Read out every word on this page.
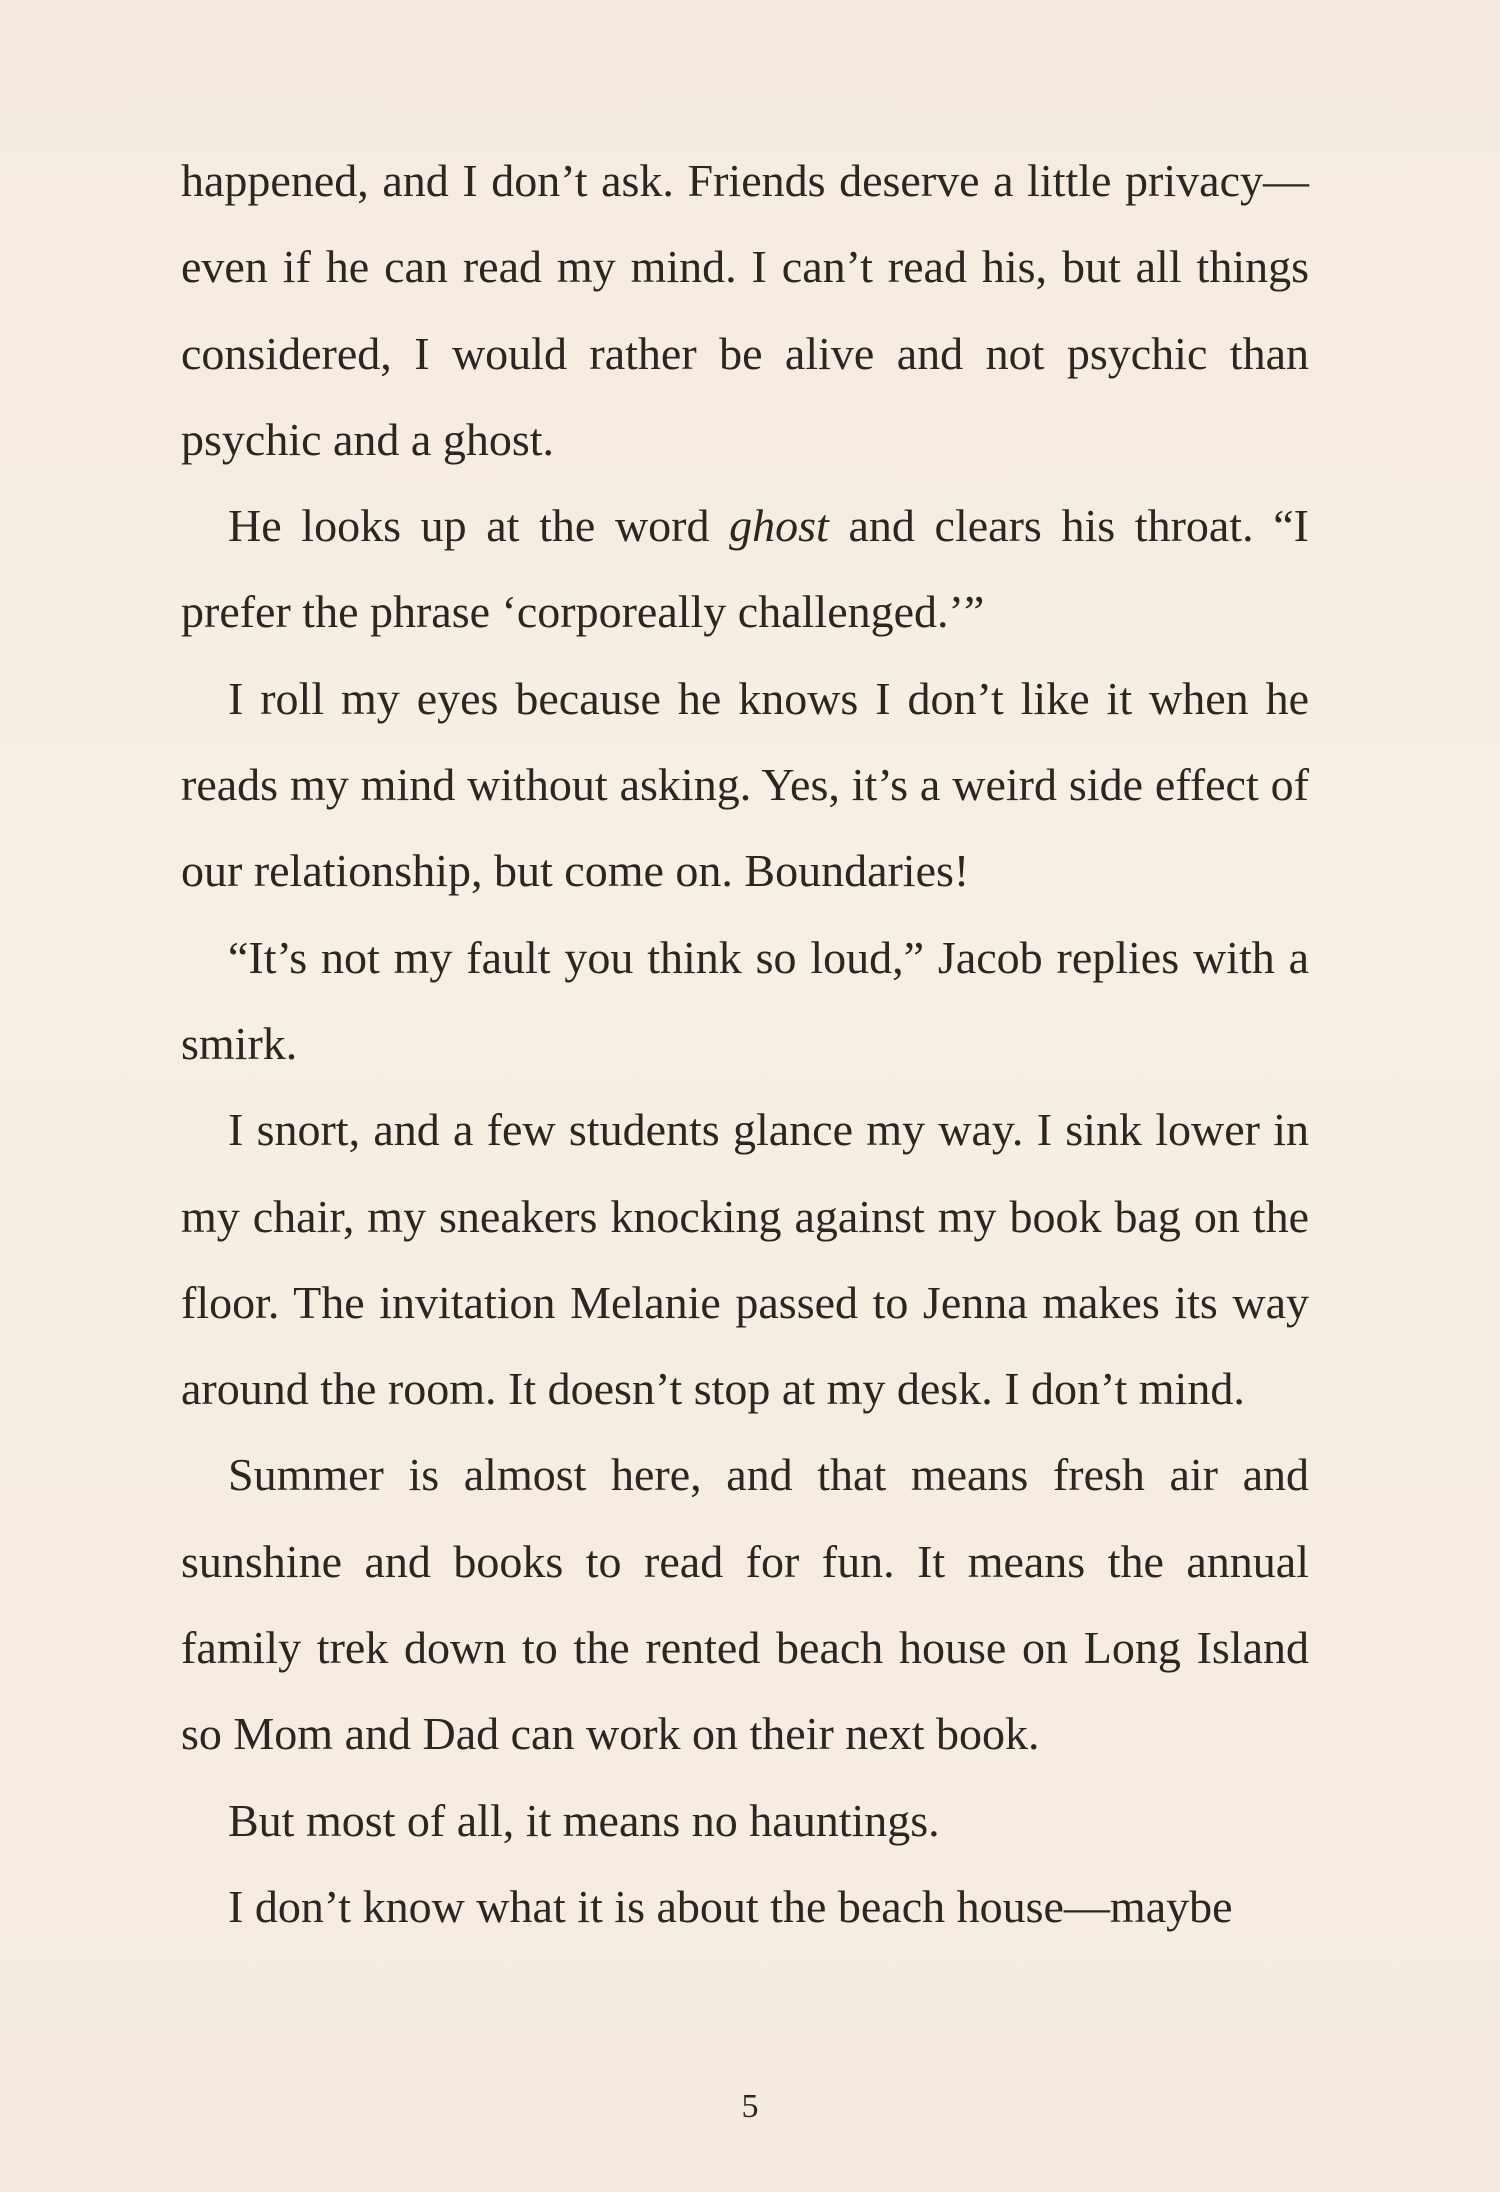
happened, and I don’t ask. Friends deserve a little privacy—even if he can read my mind. I can’t read his, but all things considered, I would rather be alive and not psychic than psychic and a ghost.

He looks up at the word ghost and clears his throat. “I prefer the phrase ‘corporeally challenged.’”

I roll my eyes because he knows I don’t like it when he reads my mind without asking. Yes, it’s a weird side effect of our relationship, but come on. Boundaries!

“It’s not my fault you think so loud,” Jacob replies with a smirk.

I snort, and a few students glance my way. I sink lower in my chair, my sneakers knocking against my book bag on the floor. The invitation Melanie passed to Jenna makes its way around the room. It doesn’t stop at my desk. I don’t mind.

Summer is almost here, and that means fresh air and sunshine and books to read for fun. It means the annual family trek down to the rented beach house on Long Island so Mom and Dad can work on their next book.

But most of all, it means no hauntings.

I don’t know what it is about the beach house—maybe

5
